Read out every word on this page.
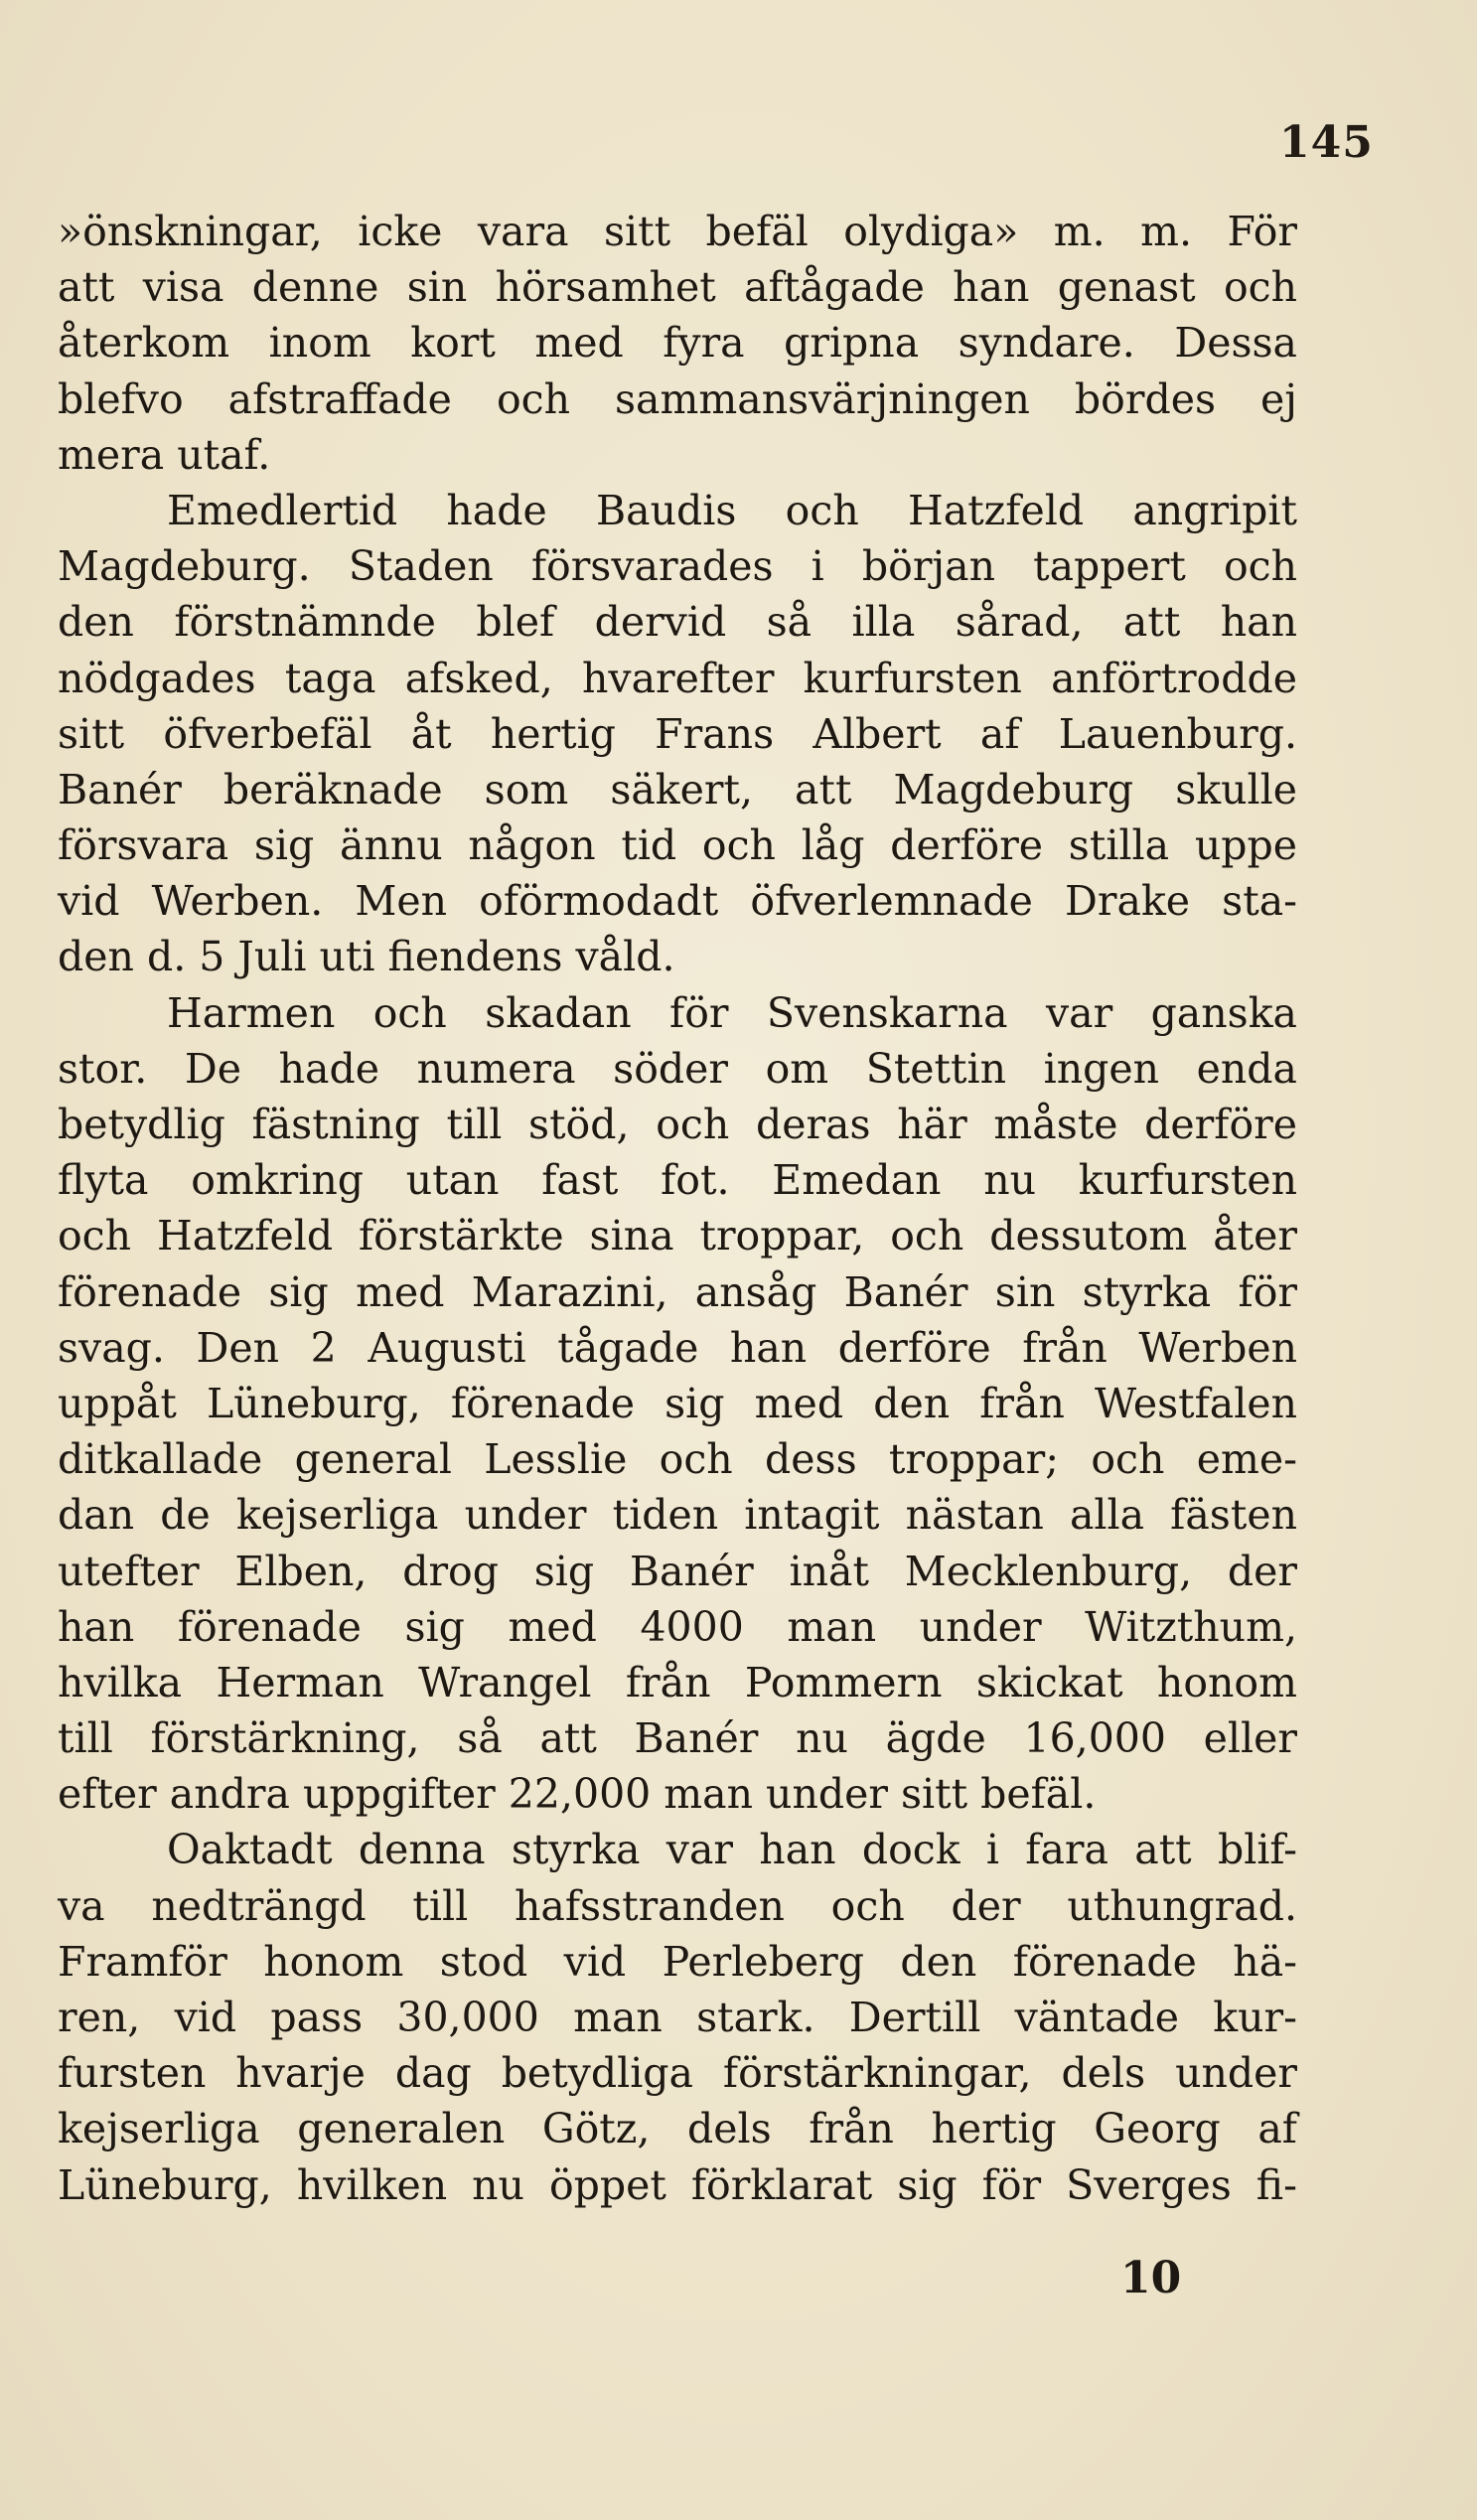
145
»önskningar, icke vara sitt befäl olydiga» m. m. För
att visa denne sin hörsamhet aftågade han genast och
återkom inom kort med fyra gripna syndare. Dessa
blefvo afstraffade och sammansvärjningen bördes ej
mera utaf.
Emedlertid hade Baudis och Hatzfeld angripit
Magdeburg. Staden försvarades i början tappert och
den förstnämnde blef dervid så illa sårad, att han
nödgades taga afsked, hvarefter kurfursten anförtrodde
sitt öfverbefäl åt hertig Frans Albert af Lauenburg.
Banér beräknade som säkert, att Magdeburg skulle
försvara sig ännu någon tid och låg derföre stilla uppe
vid Werben. Men oförmodadt öfverlemnade Drake sta-
den d. 5 Juli uti fiendens våld.
Harmen och skadan för Svenskarna var ganska
stor. De hade numera söder om Stettin ingen enda
betydlig fästning till stöd, och deras här måste derföre
flyta omkring utan fast fot. Emedan nu kurfursten
och Hatzfeld förstärkte sina troppar, och dessutom åter
förenade sig med Marazini, ansåg Banér sin styrka för
svag. Den 2 Augusti tågade han derföre från Werben
uppåt Lüneburg, förenade sig med den från Westfalen
ditkallade general Lesslie och dess troppar; och eme-
dan de kejserliga under tiden intagit nästan alla fästen
utefter Elben, drog sig Banér inåt Mecklenburg, der
han förenade sig med 4000 man under Witzthum,
hvilka Herman Wrangel från Pommern skickat honom
till förstärkning, så att Banér nu ägde 16,000 eller
efter andra uppgifter 22,000 man under sitt befäl.
Oaktadt denna styrka var han dock i fara att blif-
va nedträngd till hafsstranden och der uthungrad.
Framför honom stod vid Perleberg den förenade hä-
ren, vid pass 30,000 man stark. Dertill väntade kur-
fursten hvarje dag betydliga förstärkningar, dels under
kejserliga generalen Götz, dels från hertig Georg af
Lüneburg, hvilken nu öppet förklarat sig för Sverges fi-
10
